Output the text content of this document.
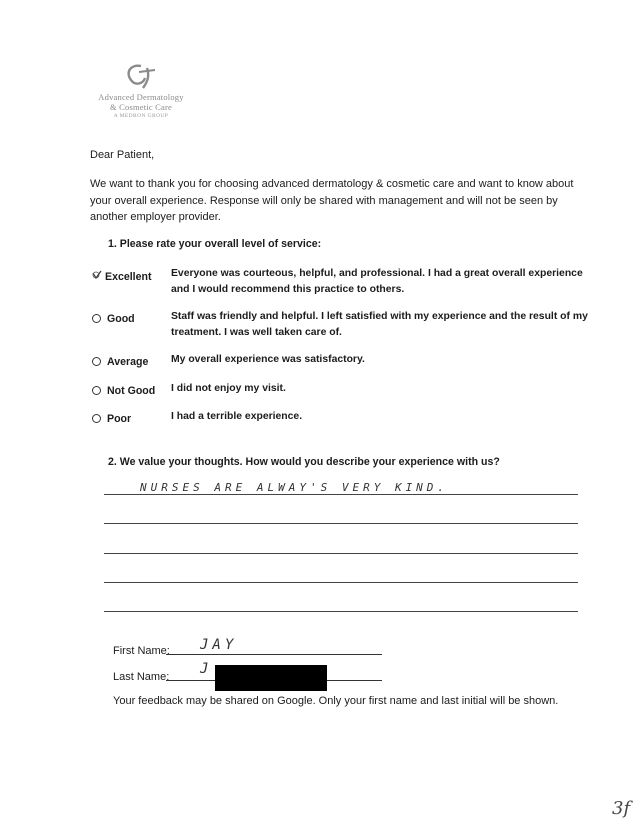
Advanced Dermatology
& Cosmetic Care
A MEDRON GROUP
Dear Patient,
We want to thank you for choosing advanced dermatology & cosmetic care and want to know about your overall experience. Response will only be shared with management and will not be seen by another employer provider.
1. Please rate your overall level of service:
Excellent Everyone was courteous, helpful, and professional. I had a great overall experience and I would recommend this practice to others.
Good	Staff was friendly and helpful. I left satisfied with my experience and the result of my treatment. I was well taken care of.
Average My overall experience was satisfactory.
Not Good I did not enjoy my visit.
Poor	I had a terrible experience.
2. We value your thoughts. How would you describe your experience with us?
NURSES ARE ALWAY'S VERY KIND.
First Name: JAY
Last Name: J
Your feedback may be shared on Google. Only your first name and last initial will be shown.
3f
